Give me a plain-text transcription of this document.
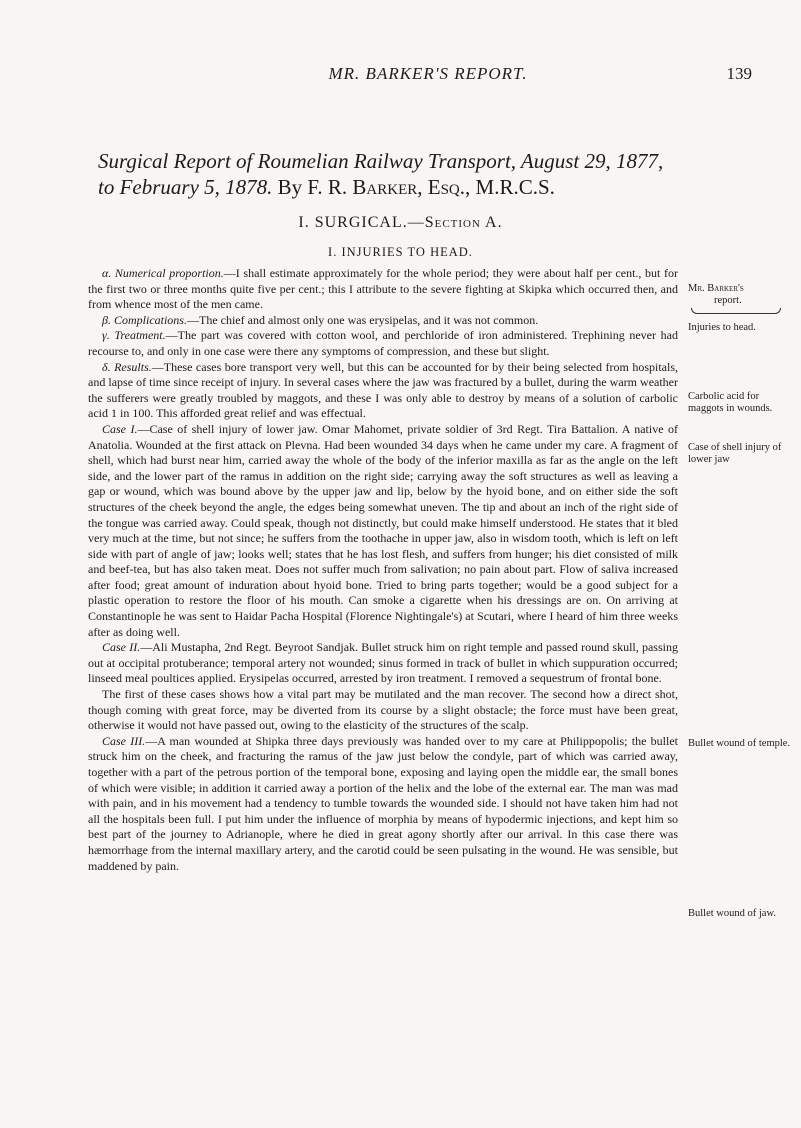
MR. BARKER'S REPORT.	139
Surgical Report of Roumelian Railway Transport, August 29, 1877,
to February 5, 1878. By F. R. Barker, Esq., M.R.C.S.
I. SURGICAL.—Section A.
I. INJURIES TO HEAD.

α. Numerical proportion.—I shall estimate approximately for the whole period; they were about half per cent., but for the first two or three months quite five per cent.; this I attribute to the severe fighting at Skipka which occurred then, and from whence most of the men came.

β. Complications.—The chief and almost only one was erysipelas, and it was not common.

γ. Treatment.—The part was covered with cotton wool, and perchloride of iron administered. Trephining never had recourse to, and only in one case were there any symptoms of compression, and these but slight.

δ. Results.—These cases bore transport very well, but this can be accounted for by their being selected from hospitals, and lapse of time since receipt of injury. In several cases where the jaw was fractured by a bullet, during the warm weather the sufferers were greatly troubled by maggots, and these I was only able to destroy by means of a solution of carbolic acid 1 in 100. This afforded great relief and was effectual.

Case I.—Case of shell injury of lower jaw. Omar Mahomet, private soldier of 3rd Regt. Tira Battalion. A native of Anatolia. Wounded at the first attack on Plevna. Had been wounded 34 days when he came under my care. A fragment of shell, which had burst near him, carried away the whole of the body of the inferior maxilla as far as the angle on the left side, and the lower part of the ramus in addition on the right side; carrying away the soft structures as well as leaving a gap or wound, which was bound above by the upper jaw and lip, below by the hyoid bone, and on either side the soft structures of the cheek beyond the angle, the edges being somewhat uneven. The tip and about an inch of the right side of the tongue was carried away. Could speak, though not distinctly, but could make himself understood. He states that it bled very much at the time, but not since; he suffers from the toothache in upper jaw, also in wisdom tooth, which is left on left side with part of angle of jaw; looks well; states that he has lost flesh, and suffers from hunger; his diet consisted of milk and beef-tea, but has also taken meat. Does not suffer much from salivation; no pain about part. Flow of saliva increased after food; great amount of induration about hyoid bone. Tried to bring parts together; would be a good subject for a plastic operation to restore the floor of his mouth. Can smoke a cigarette when his dressings are on. On arriving at Constantinople he was sent to Haidar Pacha Hospital (Florence Nightingale's) at Scutari, where I heard of him three weeks after as doing well.

Case II.—Ali Mustapha, 2nd Regt. Beyroot Sandjak. Bullet struck him on right temple and passed round skull, passing out at occipital protuberance; temporal artery not wounded; sinus formed in track of bullet in which suppuration occurred; linseed meal poultices applied. Erysipelas occurred, arrested by iron treatment. I removed a sequestrum of frontal bone.

The first of these cases shows how a vital part may be mutilated and the man recover. The second how a direct shot, though coming with great force, may be diverted from its course by a slight obstacle; the force must have been great, otherwise it would not have passed out, owing to the elasticity of the structures of the scalp.

Case III.—A man wounded at Shipka three days previously was handed over to my care at Philippopolis; the bullet struck him on the cheek, and fracturing the ramus of the jaw just below the condyle, part of which was carried away, together with a part of the petrous portion of the temporal bone, exposing and laying open the middle ear, the small bones of which were visible; in addition it carried away a portion of the helix and the lobe of the external ear. The man was mad with pain, and in his movement had a tendency to tumble towards the wounded side. I should not have taken him had not all the hospitals been full. I put him under the influence of morphia by means of hypodermic injections, and kept him so best part of the journey to Adrianople, where he died in great agony shortly after our arrival. In this case there was hæmorrhage from the internal maxillary artery, and the carotid could be seen pulsating in the wound. He was sensible, but maddened by pain.

Mr. Barker's
report.
Injuries to head.
Carbolic acid for maggots in wounds.
Case of shell injury of lower jaw
Bullet wound of temple.
Bullet wound of jaw.
